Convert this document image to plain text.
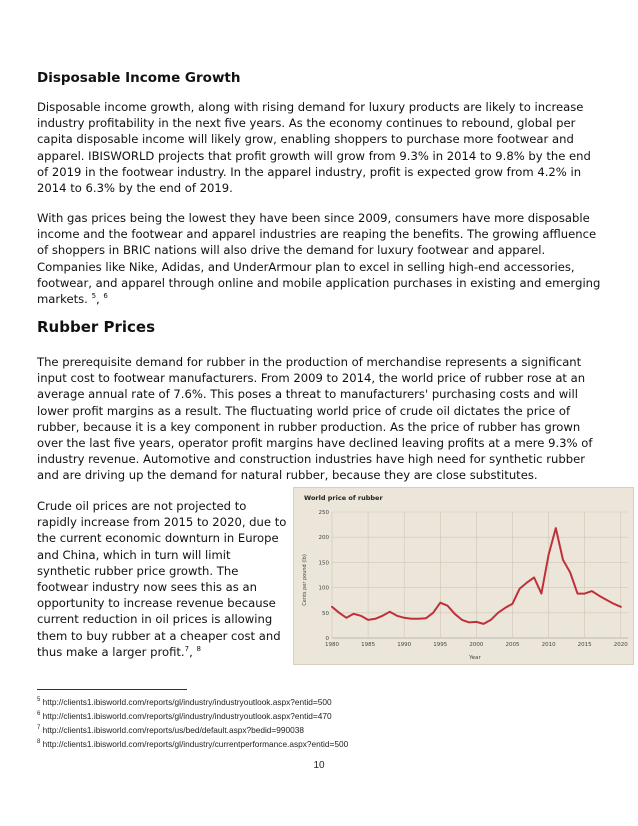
Disposable Income Growth

Disposable income growth, along with rising demand for luxury products are likely to increase industry profitability in the next five years. As the economy continues to rebound, global per capita disposable income will likely grow, enabling shoppers to purchase more footwear and apparel. IBISWORLD projects that profit growth will grow from 9.3% in 2014 to 9.8% by the end of 2019 in the footwear industry. In the apparel industry, profit is expected grow from 4.2% in 2014 to 6.3% by the end of 2019.

With gas prices being the lowest they have been since 2009, consumers have more disposable income and the footwear and apparel industries are reaping the benefits. The growing affluence of shoppers in BRIC nations will also drive the demand for luxury footwear and apparel. Companies like Nike, Adidas, and UnderArmour plan to excel in selling high-end accessories, footwear, and apparel through online and mobile application purchases in existing and emerging markets. $^5$, $^6$

Rubber Prices

The prerequisite demand for rubber in the production of merchandise represents a significant input cost to footwear manufacturers. From 2009 to 2014, the world price of rubber rose at an average annual rate of 7.6%. This poses a threat to manufacturers' purchasing costs and will lower profit margins as a result. The fluctuating world price of crude oil dictates the price of rubber, because it is a key component in rubber production. As the price of rubber has grown over the last five years, operator profit margins have declined leaving profits at a mere 9.3% of industry revenue. Automotive and construction industries have high need for synthetic rubber and are driving up the demand for natural rubber, because they are close substitutes.

Crude oil prices are not projected to rapidly increase from 2015 to 2020, due to the current economic downturn in Europe and China, which in turn will limit synthetic rubber price growth. The footwear industry now sees this as an opportunity to increase revenue because current reduction in oil prices is allowing them to buy rubber at a cheaper cost and thus make a larger profit.$^7$, $^8$

World price of rubber
Cents per pound (lb)
Year
0
50
100
150
200
250
1980	1985	1990	1995	2000	2005	2010	2015	2020
$^5$ http://clients1.ibisworld.com/reports/gl/industry/industryoutlook.aspx?entid=500
$^6$ http://clients1.ibisworld.com/reports/gl/industry/industryoutlook.aspx?entid=470
$^7$ http://clients1.ibisworld.com/reports/us/bed/default.aspx?bedid=990038
$^8$ http://clients1.ibisworld.com/reports/gl/industry/currentperformance.aspx?entid=500
10
